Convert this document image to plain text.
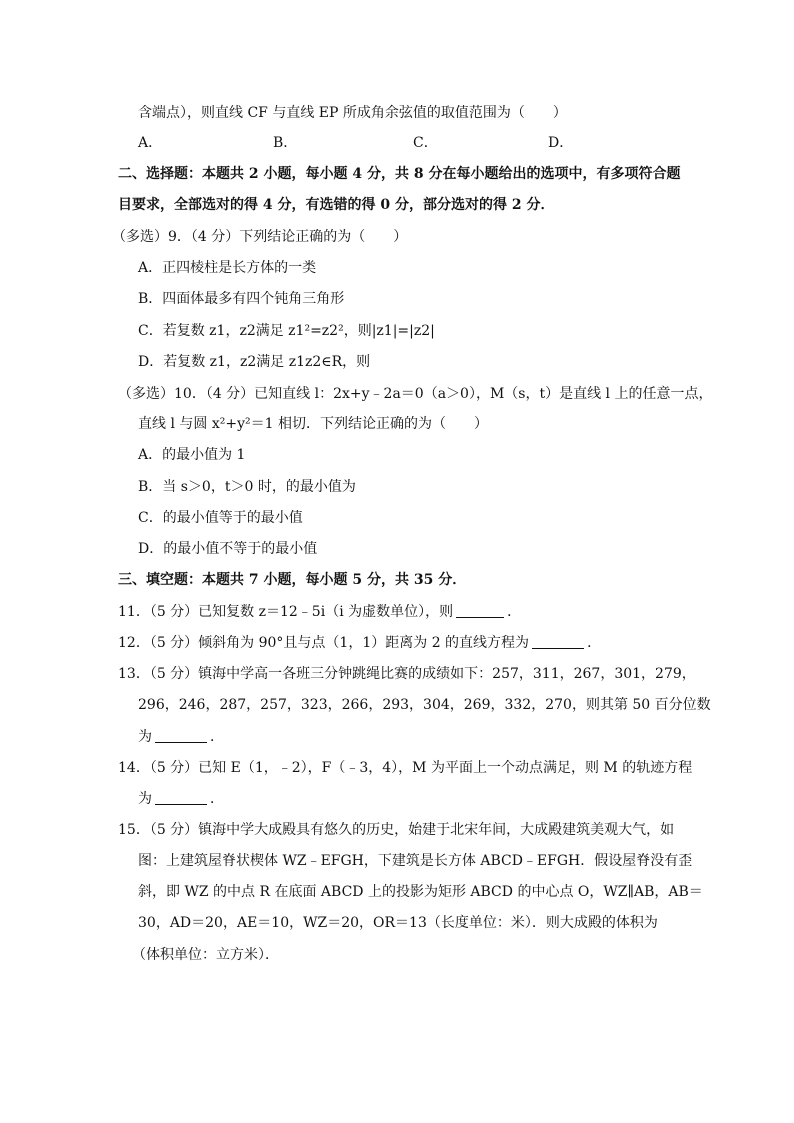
含端点），则直线 CF 与直线 EP 所成角余弦值的取值范围为（　　）
A．	B．	C．	D．
二、选择题：本题共 2 小题，每小题 4 分，共 8 分在每小题给出的选项中，有多项符合题
目要求，全部选对的得 4 分，有选错的得 0 分，部分选对的得 2 分．
（多选）9．（4 分）下列结论正确的为（　　）
A．正四棱柱是长方体的一类
B．四面体最多有四个钝角三角形
C．若复数 z1，z2满足 z1²=z2²，则|z1|=|z2|
D．若复数 z1，z2满足 z1z2∈R，则
（多选）10．（4 分）已知直线 l：2x+y﹣2a＝0（a＞0），M（s，t）是直线 l 上的任意一点，
直线 l 与圆 x²+y²＝1 相切．下列结论正确的为（　　）
A．的最小值为 1
B．当 s＞0，t＞0 时，的最小值为
C．的最小值等于的最小值
D．的最小值不等于的最小值
三、填空题：本题共 7 小题，每小题 5 分，共 35 分．
11．（5 分）已知复数 z＝12﹣5i（i 为虚数单位），则	．
12．（5 分）倾斜角为 90°且与点（1，1）距离为 2 的直线方程为	．
13．（5 分）镇海中学高一各班三分钟跳绳比赛的成绩如下：257，311，267，301，279，
296，246，287，257，323，266，293，304，269，332，270，则其第 50 百分位数
为	．
14．（5 分）已知 E（1，﹣2），F（﹣3，4），M 为平面上一个动点满足，则 M 的轨迹方程
为	．
15．（5 分）镇海中学大成殿具有悠久的历史，始建于北宋年间，大成殿建筑美观大气，如
图：上建筑屋脊状楔体 WZ﹣EFGH，下建筑是长方体 ABCD﹣EFGH．假设屋脊没有歪
斜，即 WZ 的中点 R 在底面 ABCD 上的投影为矩形 ABCD 的中心点 O，WZ∥AB，AB＝
30，AD＝20，AE＝10，WZ＝20，OR＝13（长度单位：米）．则大成殿的体积为
（体积单位：立方米）．
